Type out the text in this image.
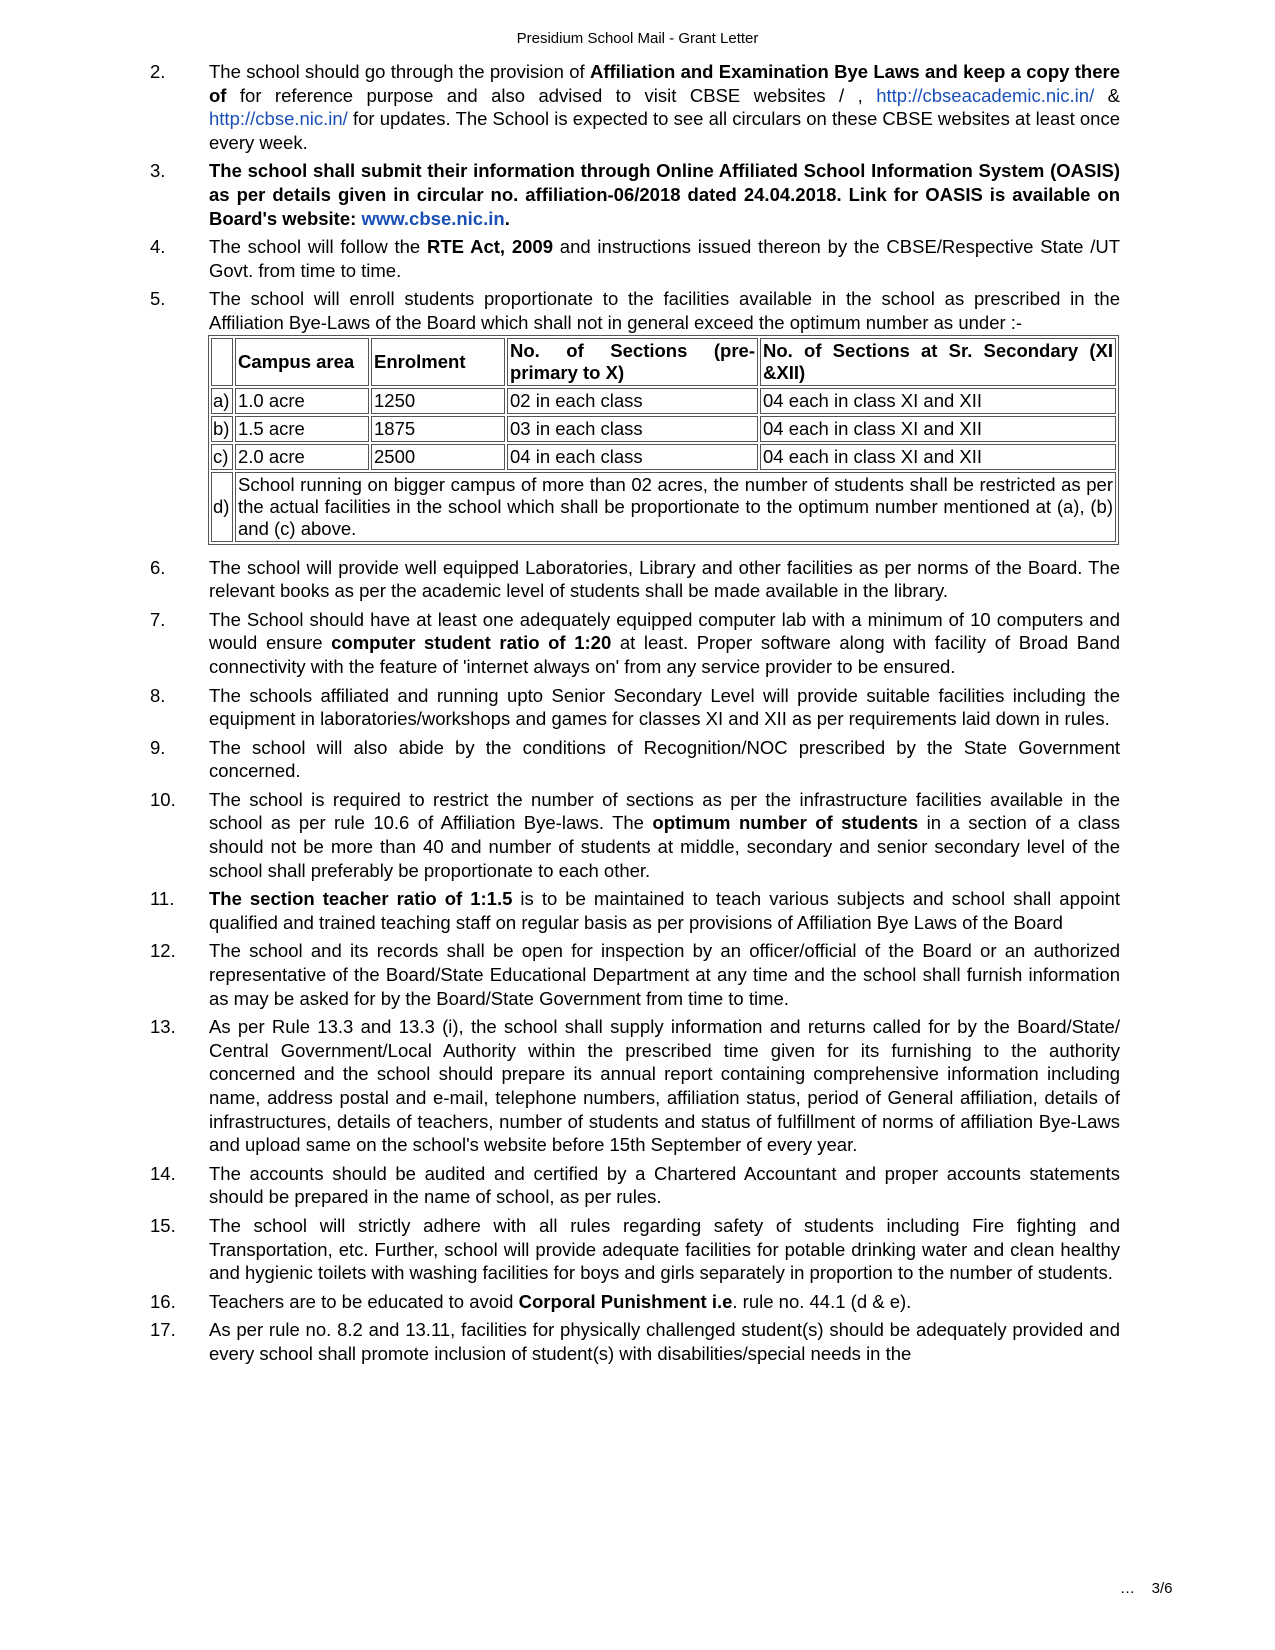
Presidium School Mail - Grant Letter
2.	The school should go through the provision of Affiliation and Examination Bye Laws and keep a copy there of for reference purpose and also advised to visit CBSE websites / , http://cbseacademic.nic.in/ & http://cbse.nic.in/ for updates. The School is expected to see all circulars on these CBSE websites at least once every week.
3.	The school shall submit their information through Online Affiliated School Information System (OASIS) as per details given in circular no. affiliation-06/2018 dated 24.04.2018. Link for OASIS is available on Board's website: www.cbse.nic.in.
4.	The school will follow the RTE Act, 2009 and instructions issued thereon by the CBSE/Respective State /UT Govt. from time to time.
5.	The school will enroll students proportionate to the facilities available in the school as prescribed in the Affiliation Bye-Laws of the Board which shall not in general exceed the optimum number as under :-
	Campus area	Enrolment	No. of Sections (pre-primary to X)	No. of Sections at Sr. Secondary (XI &XII)
a)	1.0 acre	1250	02 in each class	04 each in class XI and XII
b)	1.5 acre	1875	03 in each class	04 each in class XI and XII
c)	2.0 acre	2500	04 in each class	04 each in class XI and XII
d)	School running on bigger campus of more than 02 acres, the number of students shall be restricted as per the actual facilities in the school which shall be proportionate to the optimum number mentioned at (a), (b) and (c) above.			
6.	The school will provide well equipped Laboratories, Library and other facilities as per norms of the Board. The relevant books as per the academic level of students shall be made available in the library.
7.	The School should have at least one adequately equipped computer lab with a minimum of 10 computers and would ensure computer student ratio of 1:20 at least. Proper software along with facility of Broad Band connectivity with the feature of 'internet always on' from any service provider to be ensured.
8.	The schools affiliated and running upto Senior Secondary Level will provide suitable facilities including the equipment in laboratories/workshops and games for classes XI and XII as per requirements laid down in rules.
9.	The school will also abide by the conditions of Recognition/NOC prescribed by the State Government concerned.
10.	The school is required to restrict the number of sections as per the infrastructure facilities available in the school as per rule 10.6 of Affiliation Bye-laws. The optimum number of students in a section of a class should not be more than 40 and number of students at middle, secondary and senior secondary level of the school shall preferably be proportionate to each other.
11.	The section teacher ratio of 1:1.5 is to be maintained to teach various subjects and school shall appoint qualified and trained teaching staff on regular basis as per provisions of Affiliation Bye Laws of the Board
12.	The school and its records shall be open for inspection by an officer/official of the Board or an authorized representative of the Board/State Educational Department at any time and the school shall furnish information as may be asked for by the Board/State Government from time to time.
13.	As per Rule 13.3 and 13.3 (i), the school shall supply information and returns called for by the Board/State/ Central Government/Local Authority within the prescribed time given for its furnishing to the authority concerned and the school should prepare its annual report containing comprehensive information including name, address postal and e-mail, telephone numbers, affiliation status, period of General affiliation, details of infrastructures, details of teachers, number of students and status of fulfillment of norms of affiliation Bye-Laws and upload same on the school's website before 15th September of every year.
14.	The accounts should be audited and certified by a Chartered Accountant and proper accounts statements should be prepared in the name of school, as per rules.
15.	The school will strictly adhere with all rules regarding safety of students including Fire fighting and Transportation, etc. Further, school will provide adequate facilities for potable drinking water and clean healthy and hygienic toilets with washing facilities for boys and girls separately in proportion to the number of students.
16.	Teachers are to be educated to avoid Corporal Punishment i.e. rule no. 44.1 (d & e).
17.	As per rule no. 8.2 and 13.11, facilities for physically challenged student(s) should be adequately provided and every school shall promote inclusion of student(s) with disabilities/special needs in the
… 3/6
